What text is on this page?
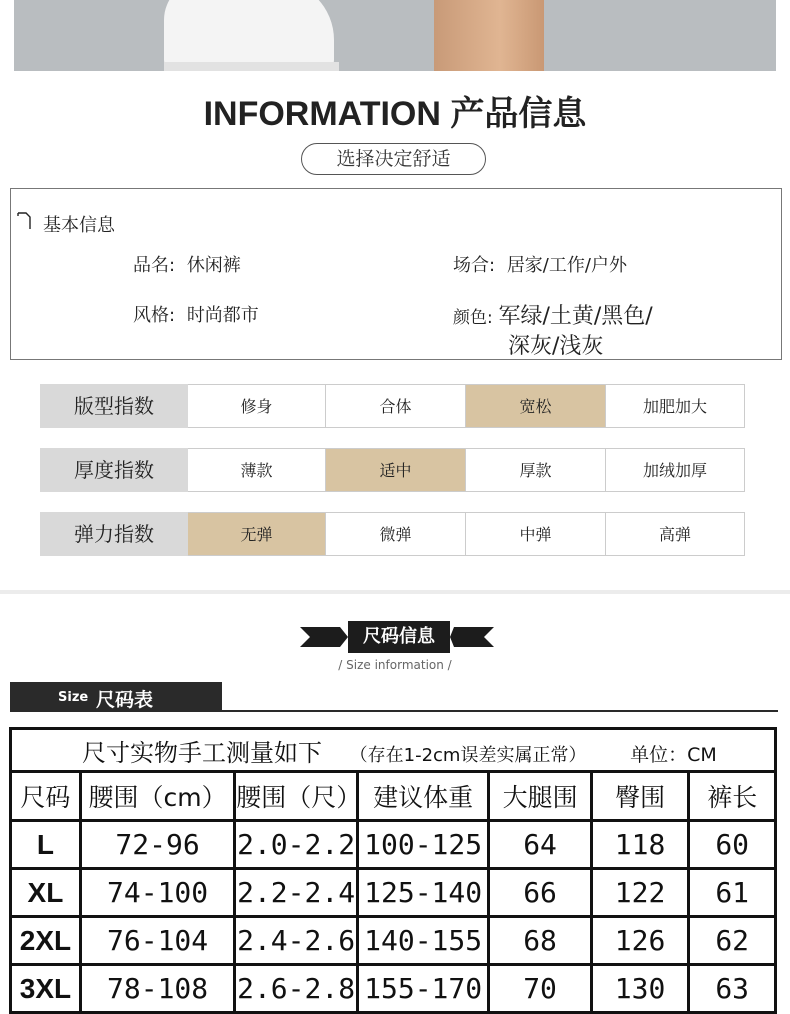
INFORMATION 产品信息
选择决定舒适
基本信息
品名: 休闲裤	场合: 居家/工作/户外
风格: 时尚都市	颜色: 军绿/土黄/黑色/
深灰/浅灰
版型指数	修身	合体	宽松	加肥加大
厚度指数	薄款	适中	厚款	加绒加厚
弹力指数	无弹	微弹	中弹	高弹
尺码信息
/ Size information /
Size 尺码表
尺寸实物手工测量如下 （存在1-2cm误差实属正常） 单位：CM						
尺码	腰围（cm）	腰围（尺）	建议体重	大腿围	臀围	裤长
L	72-96	2.0-2.2	100-125	64	118	60
XL	74-100	2.2-2.4	125-140	66	122	61
2XL	76-104	2.4-2.6	140-155	68	126	62
3XL	78-108	2.6-2.8	155-170	70	130	63
